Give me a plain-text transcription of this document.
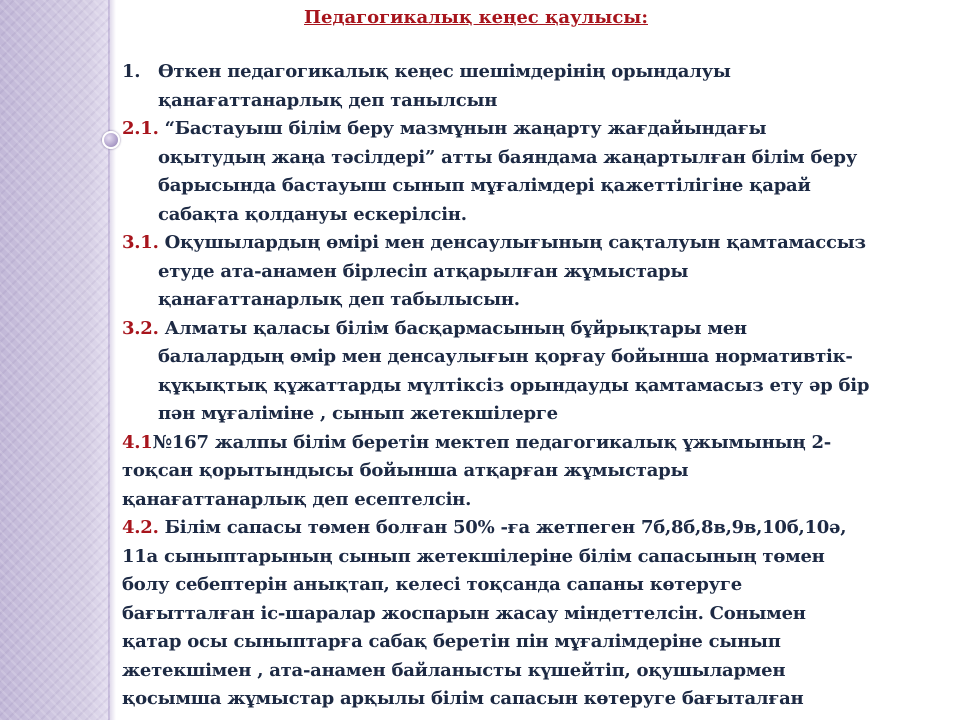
Педагогикалық кеңес қаулысы:
1. Өткен педагогикалық кеңес шешімдерінің орындалуы
қанағаттанарлық деп танылсын
2.1. “Бастауыш білім беру мазмұнын жаңарту жағдайындағы
оқытудың жаңа тәсілдері” атты баяндама жаңартылған білім беру
барысында бастауыш сынып мұғалімдері қажеттілігіне қарай
сабақта қолдануы ескерілсін.
3.1. Оқушылардың өмірі мен денсаулығының сақталуын қамтамассыз
етуде ата-анамен бірлесіп атқарылған жұмыстары
қанағаттанарлық деп табылысын.
3.2. Алматы қаласы білім басқармасының бұйрықтары мен
балалардың өмір мен денсаулығын қорғау бойынша нормативтік-
құқықтық құжаттарды мүлтіксіз орындауды қамтамасыз ету әр бір
пән мұғаліміне , сынып жетекшілерге
4.1№167 жалпы білім беретін мектеп педагогикалық ұжымының 2-
тоқсан қорытындысы бойынша атқарған жұмыстары
қанағаттанарлық деп есептелсін.
4.2. Білім сапасы төмен болған 50% -ға жетпеген 7б,8б,8в,9в,10б,10ә,
11а сыныптарының сынып жетекшілеріне білім сапасының төмен
болу себептерін анықтап, келесі тоқсанда сапаны көтеруге
бағытталған іс-шаралар жоспарын жасау міндеттелсін. Сонымен
қатар осы сыныптарға сабақ беретін пін мұғалімдеріне сынып
жетекшімен , ата-анамен байланысты күшейтіп, оқушылармен
қосымша жұмыстар арқылы білім сапасын көтеруге бағыталған
